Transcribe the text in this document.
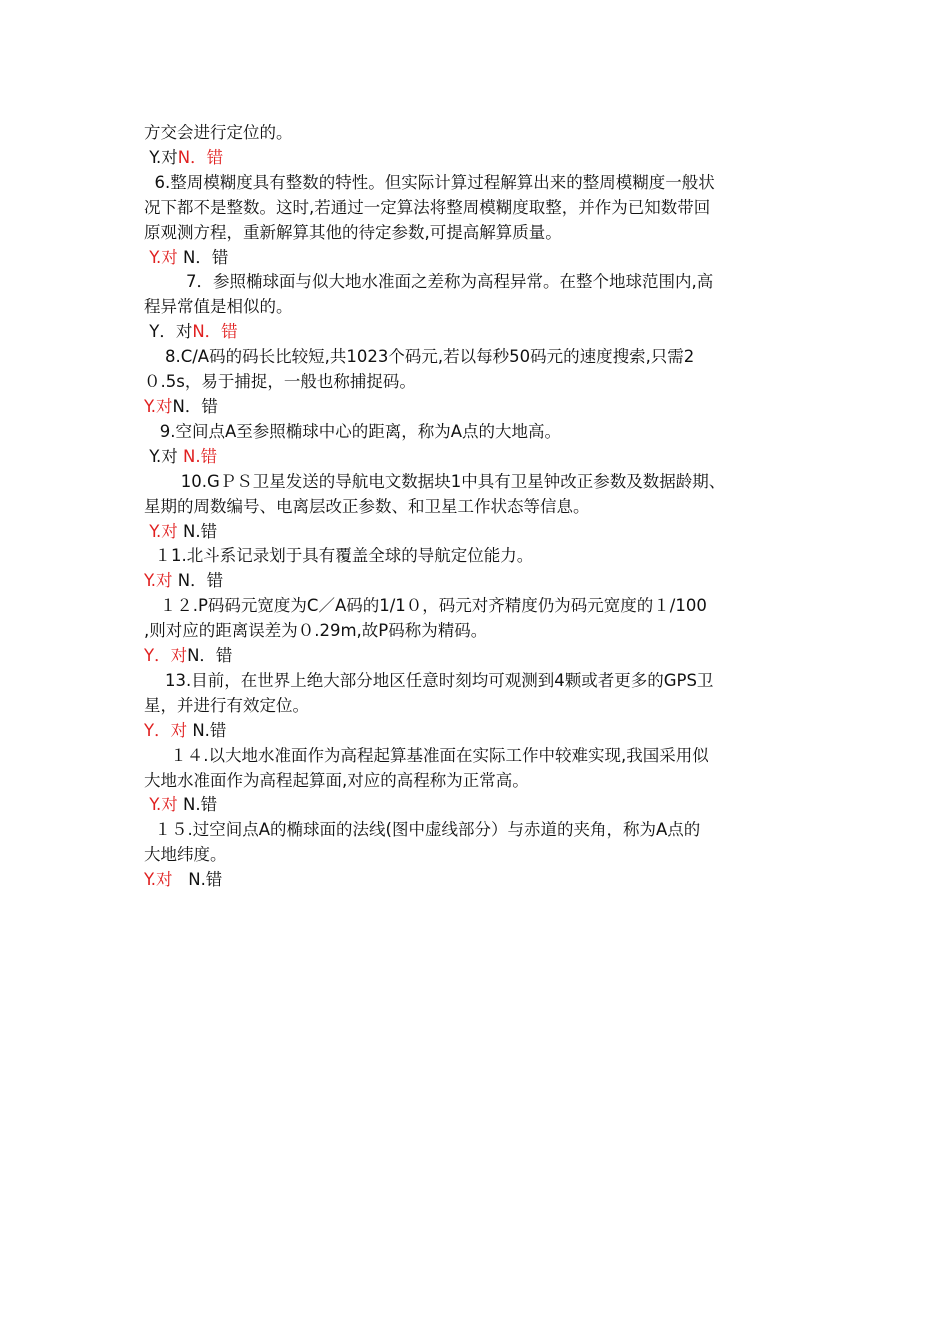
方交会进行定位的。
Y.对N．错
6.整周模糊度具有整数的特性。但实际计算过程解算出来的整周模糊度一般状
况下都不是整数。这时,若通过一定算法将整周模糊度取整，并作为已知数带回
原观测方程，重新解算其他的待定参数,可提高解算质量。
Y.对 N．错
7．参照椭球面与似大地水准面之差称为高程异常。在整个地球范围内,高
程异常值是相似的。
Y．对N．错
8.C/A码的码长比较短,共1023个码元,若以每秒50码元的速度搜索,只需2
０.5s，易于捕捉，一般也称捕捉码。
Y.对N．错
9.空间点A至参照椭球中心的距离，称为A点的大地高。
Y.对 N.错
10.GＰＳ卫星发送的导航电文数据块1中具有卫星钟改正参数及数据龄期、
星期的周数编号、电离层改正参数、和卫星工作状态等信息。
Y.对 N.错
１1.北斗系记录划于具有覆盖全球的导航定位能力。
Y.对 N．错
１２.P码码元宽度为C／A码的1/1０，码元对齐精度仍为码元宽度的１/100
,则对应的距离误差为０.29m,故P码称为精码。
Y．对N．错
13.目前，在世界上绝大部分地区任意时刻均可观测到4颗或者更多的GPS卫
星，并进行有效定位。
Y．对 N.错
１４.以大地水准面作为高程起算基准面在实际工作中较难实现,我国采用似
大地水准面作为高程起算面,对应的高程称为正常高。
Y.对 N.错
１５.过空间点A的椭球面的法线(图中虚线部分）与赤道的夹角，称为A点的
大地纬度。
Y.对   N.错
